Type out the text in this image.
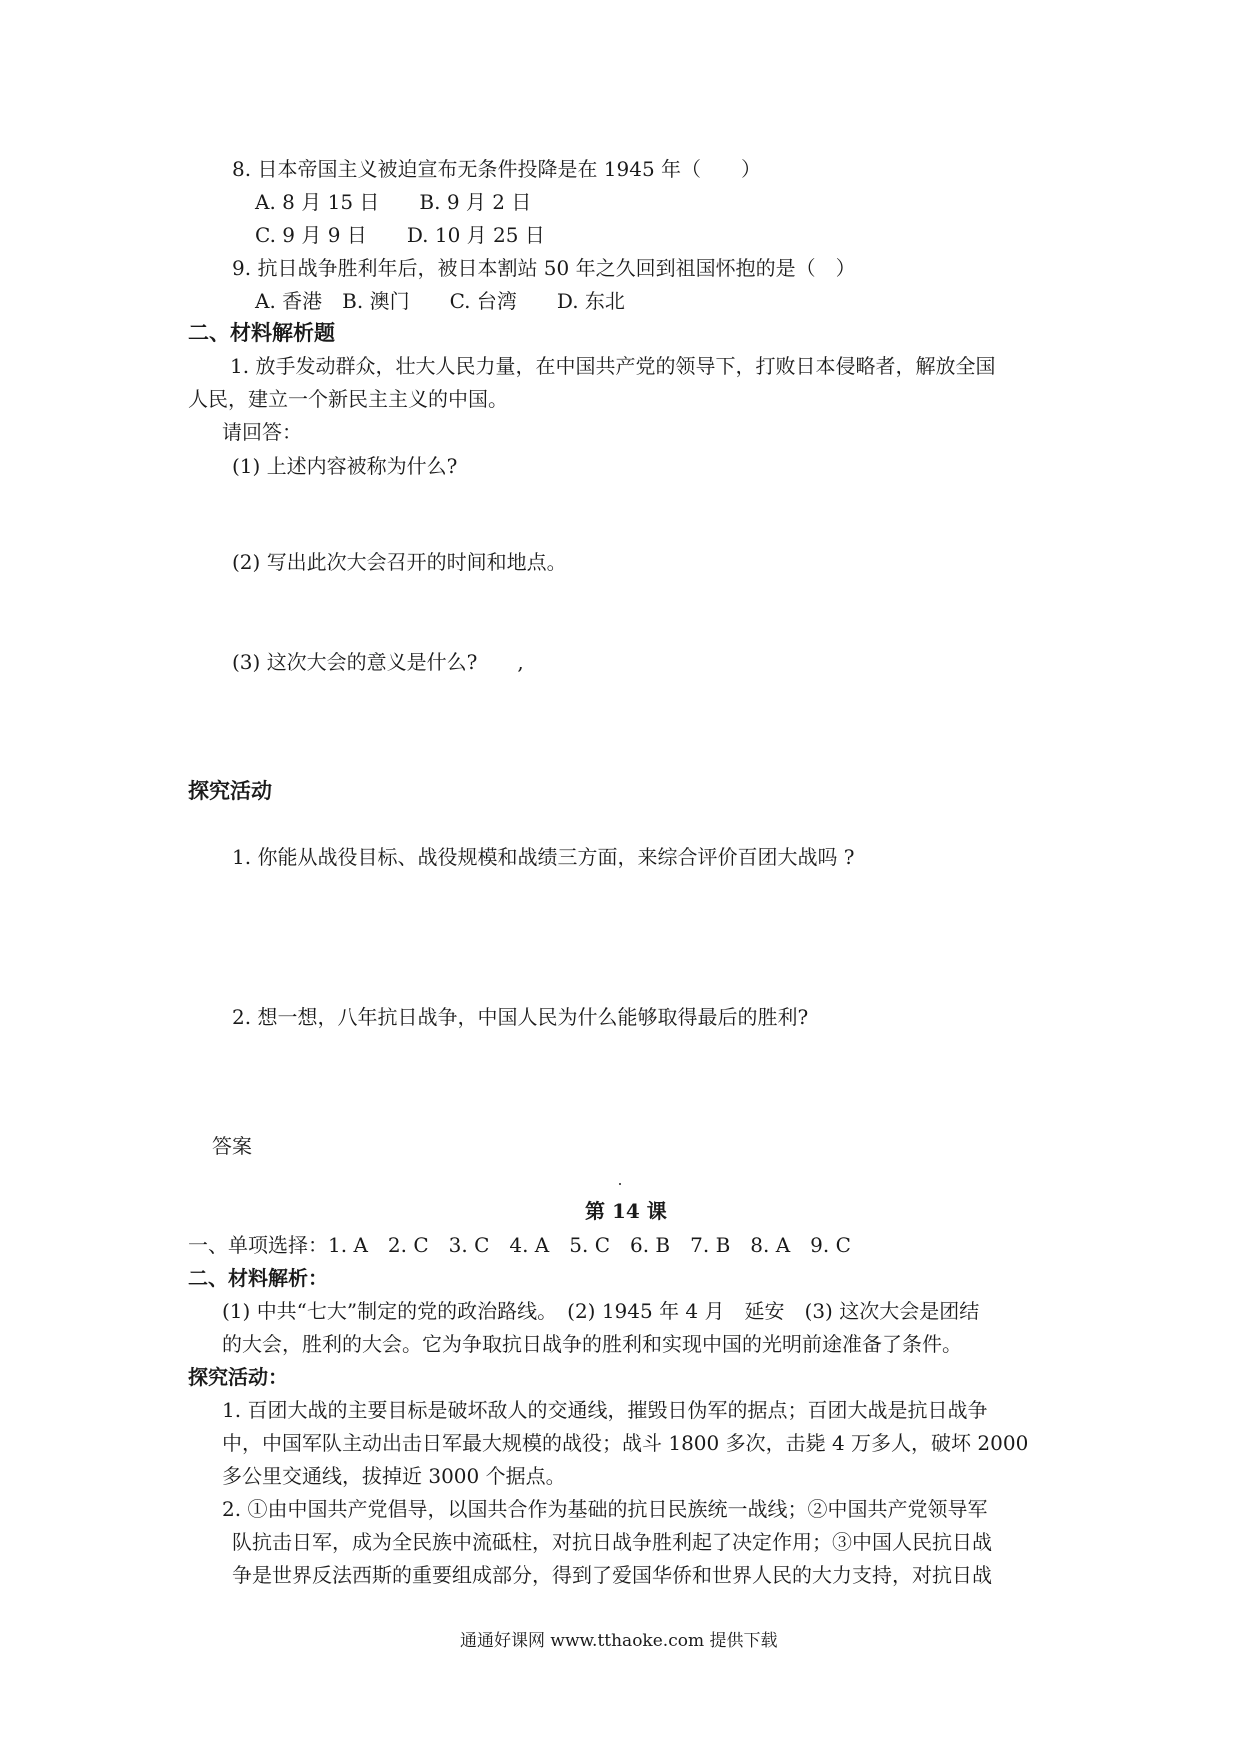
8. 日本帝国主义被迫宣布无条件投降是在 1945 年（　　）
A. 8 月 15 日　　B. 9 月 2 日
C. 9 月 9 日　　D. 10 月 25 日
9. 抗日战争胜利年后，被日本割站 50 年之久回到祖国怀抱的是（　）
A. 香港　B. 澳门　　C. 台湾　　D. 东北
二、材料解析题
1. 放手发动群众，壮大人民力量，在中国共产党的领导下，打败日本侵略者，解放全国
人民，建立一个新民主主义的中国。
请回答：
(1) 上述内容被称为什么?
(2) 写出此次大会召开的时间和地点。
(3) 这次大会的意义是什么?　　,
探究活动
1. 你能从战役目标、战役规模和战绩三方面，来综合评价百团大战吗 ?
2. 想一想，八年抗日战争，中国人民为什么能够取得最后的胜利?
答案
第 14 课
一、单项选择：1. A　2. C　3. C　4. A　5. C　6. B　7. B　8. A　9. C
二、材料解析：
(1) 中共“七大”制定的党的政治路线。　(2) 1945 年 4 月　延安　(3) 这次大会是团结
的大会，胜利的大会。它为争取抗日战争的胜利和实现中国的光明前途准备了条件。
探究活动：
1. 百团大战的主要目标是破坏敌人的交通线，摧毁日伪军的据点；百团大战是抗日战争
中，中国军队主动出击日军最大规模的战役；战斗 1800 多次，击毙 4 万多人，破坏 2000
多公里交通线，拔掉近 3000 个据点。
2. ①由中国共产党倡导，以国共合作为基础的抗日民族统一战线；②中国共产党领导军
队抗击日军，成为全民族中流砥柱，对抗日战争胜利起了决定作用；③中国人民抗日战
争是世界反法西斯的重要组成部分，得到了爱国华侨和世界人民的大力支持，对抗日战
通通好课网 www.tthaoke.com 提供下载
